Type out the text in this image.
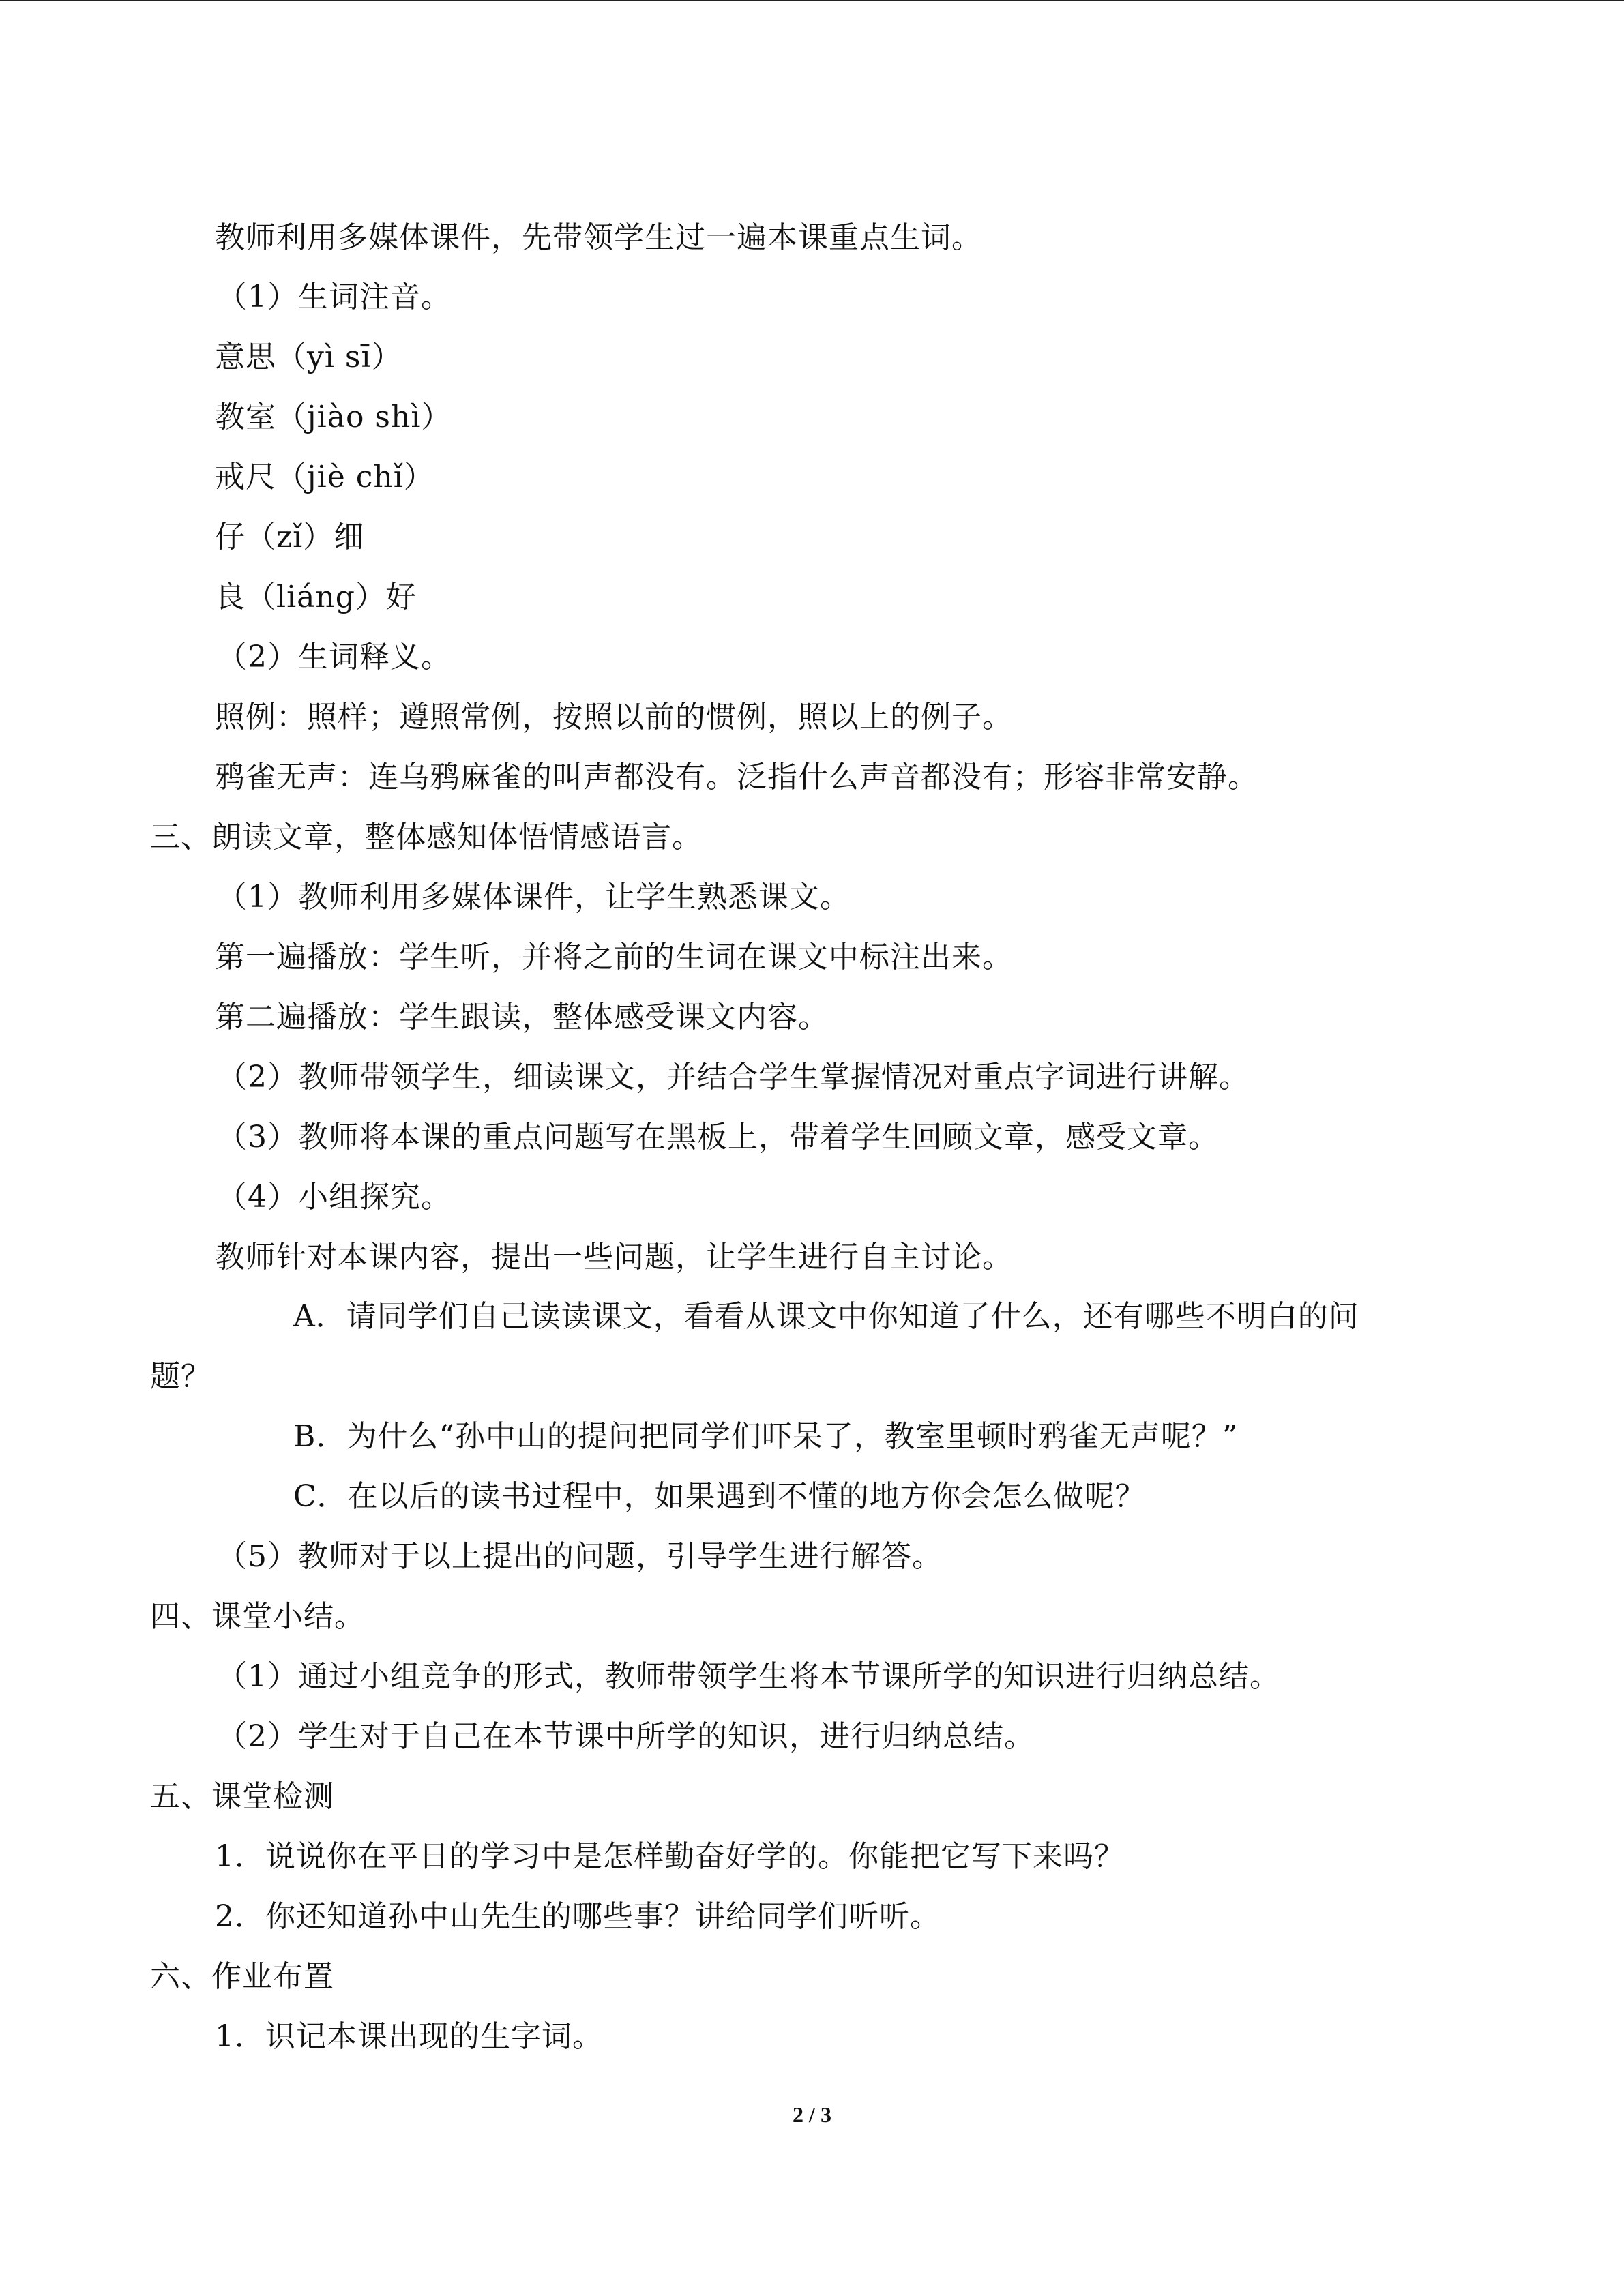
教师利用多媒体课件，先带领学生过一遍本课重点生词。
（1）生词注音。
意思（yì sī）
教室（jiào shì）
戒尺（jiè chǐ）
仔（zǐ）细
良（liáng）好
（2）生词释义。
照例：照样；遵照常例，按照以前的惯例，照以上的例子。
鸦雀无声：连乌鸦麻雀的叫声都没有。泛指什么声音都没有；形容非常安静。
三、朗读文章，整体感知体悟情感语言。
（1）教师利用多媒体课件，让学生熟悉课文。
第一遍播放：学生听，并将之前的生词在课文中标注出来。
第二遍播放：学生跟读，整体感受课文内容。
（2）教师带领学生，细读课文，并结合学生掌握情况对重点字词进行讲解。
（3）教师将本课的重点问题写在黑板上，带着学生回顾文章，感受文章。
（4）小组探究。
教师针对本课内容，提出一些问题，让学生进行自主讨论。
A．请同学们自己读读课文，看看从课文中你知道了什么，还有哪些不明白的问
题？
B．为什么“孙中山的提问把同学们吓呆了，教室里顿时鸦雀无声呢？”
C．在以后的读书过程中，如果遇到不懂的地方你会怎么做呢？
（5）教师对于以上提出的问题，引导学生进行解答。
四、课堂小结。
（1）通过小组竞争的形式，教师带领学生将本节课所学的知识进行归纳总结。
（2）学生对于自己在本节课中所学的知识，进行归纳总结。
五、课堂检测
1．说说你在平日的学习中是怎样勤奋好学的。你能把它写下来吗？
2．你还知道孙中山先生的哪些事？讲给同学们听听。
六、作业布置
1．识记本课出现的生字词。
2 / 3
